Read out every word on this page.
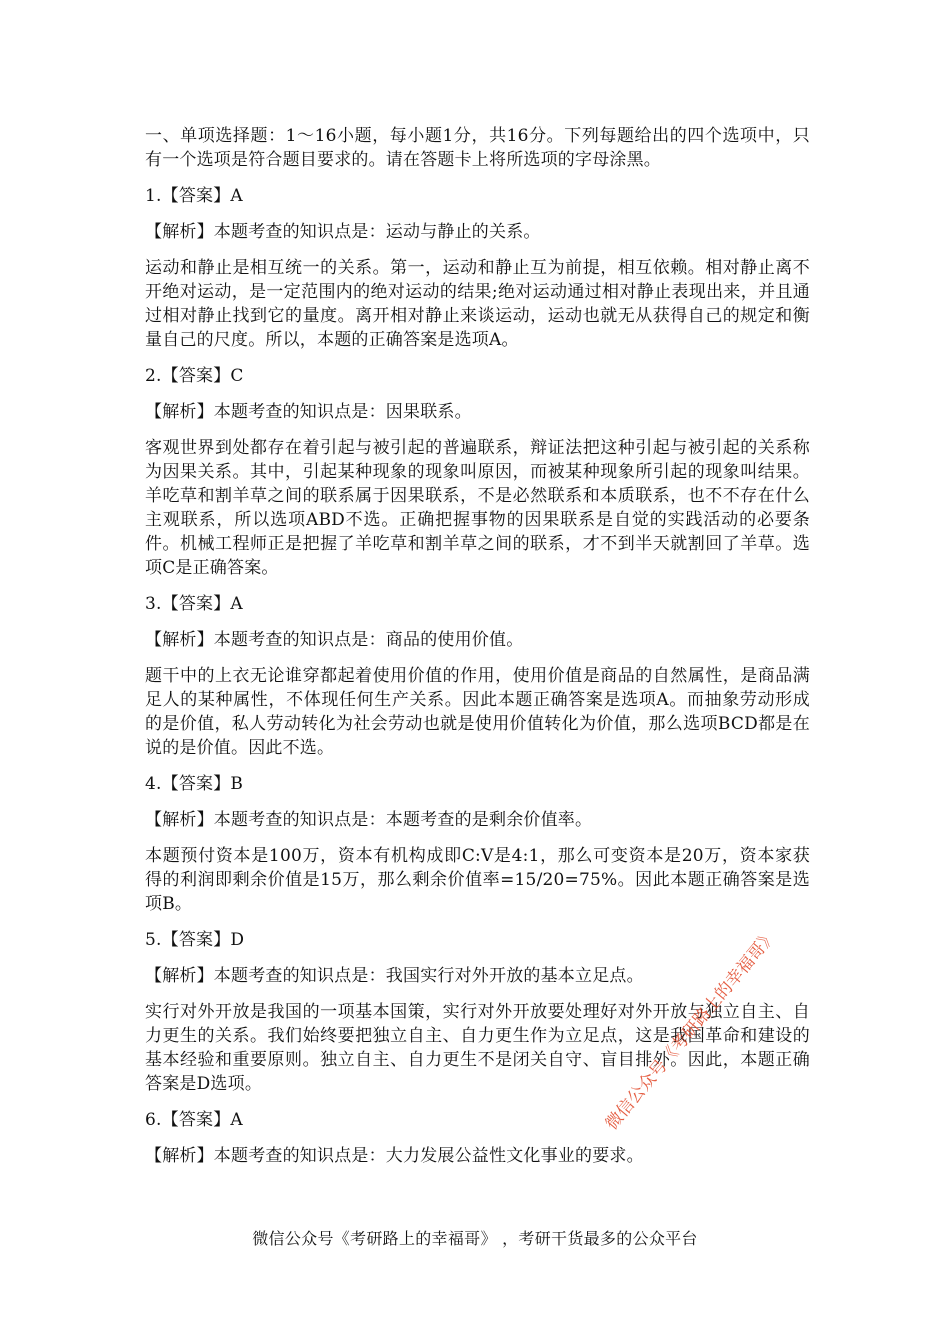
一、单项选择题：1～16小题，每小题1分，共16分。下列每题给出的四个选项中，只有一个选项是符合题目要求的。请在答题卡上将所选项的字母涂黑。

1.【答案】A

【解析】本题考查的知识点是：运动与静止的关系。

运动和静止是相互统一的关系。第一，运动和静止互为前提，相互依赖。相对静止离不开绝对运动，是一定范围内的绝对运动的结果;绝对运动通过相对静止表现出来，并且通过相对静止找到它的量度。离开相对静止来谈运动，运动也就无从获得自己的规定和衡量自己的尺度。所以，本题的正确答案是选项A。

2.【答案】C

【解析】本题考查的知识点是：因果联系。

客观世界到处都存在着引起与被引起的普遍联系，辩证法把这种引起与被引起的关系称为因果关系。其中，引起某种现象的现象叫原因，而被某种现象所引起的现象叫结果。羊吃草和割羊草之间的联系属于因果联系，不是必然联系和本质联系，也不不存在什么主观联系，所以选项ABD不选。正确把握事物的因果联系是自觉的实践活动的必要条件。机械工程师正是把握了羊吃草和割羊草之间的联系，才不到半天就割回了羊草。选项C是正确答案。

3.【答案】A

【解析】本题考查的知识点是：商品的使用价值。

题干中的上衣无论谁穿都起着使用价值的作用，使用价值是商品的自然属性，是商品满足人的某种属性，不体现任何生产关系。因此本题正确答案是选项A。而抽象劳动形成的是价值，私人劳动转化为社会劳动也就是使用价值转化为价值，那么选项BCD都是在说的是价值。因此不选。

4.【答案】B

【解析】本题考查的知识点是：本题考查的是剩余价值率。

本题预付资本是100万，资本有机构成即C:V是4:1，那么可变资本是20万，资本家获得的利润即剩余价值是15万，那么剩余价值率=15/20=75%。因此本题正确答案是选项B。

5.【答案】D

【解析】本题考查的知识点是：我国实行对外开放的基本立足点。

实行对外开放是我国的一项基本国策，实行对外开放要处理好对外开放与独立自主、自力更生的关系。我们始终要把独立自主、自力更生作为立足点，这是我国革命和建设的基本经验和重要原则。独立自主、自力更生不是闭关自守、盲目排外。因此，本题正确答案是D选项。

6.【答案】A

【解析】本题考查的知识点是：大力发展公益性文化事业的要求。

微信公众号《考研路上的幸福哥》
微信公众号《考研路上的幸福哥》 ，考研干货最多的公众平台
